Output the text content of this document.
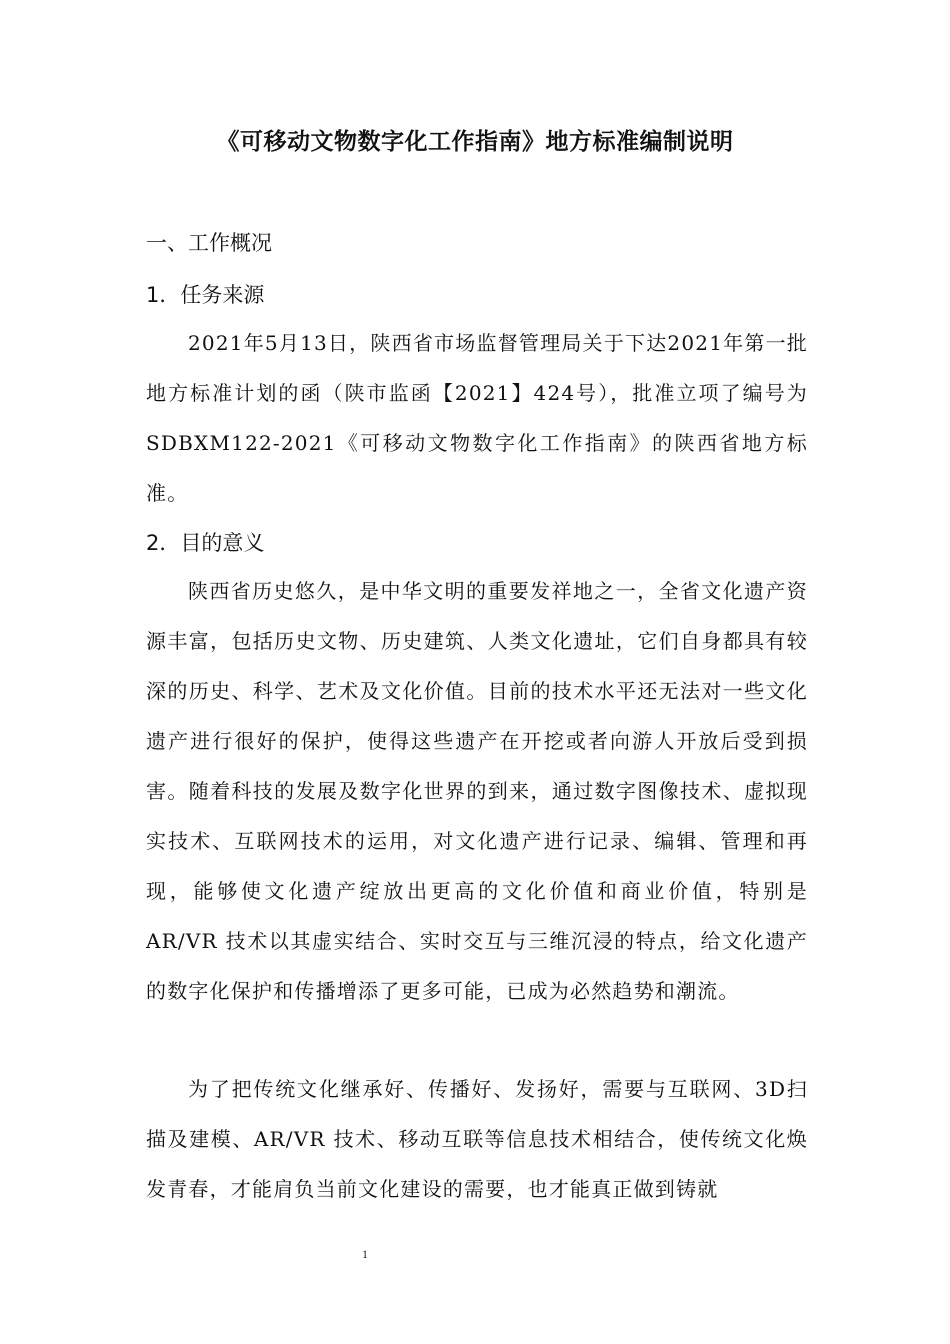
《可移动文物数字化工作指南》地方标准编制说明
一、工作概况
1．任务来源

2021年5月13日，陕西省市场监督管理局关于下达2021年第一批地方标准计划的函（陕市监函【2021】424号），批准立项了编号为SDBXM122-2021《可移动文物数字化工作指南》的陕西省地方标准。

2．目的意义

陕西省历史悠久，是中华文明的重要发祥地之一，全省文化遗产资源丰富，包括历史文物、历史建筑、人类文化遗址，它们自身都具有较深的历史、科学、艺术及文化价值。目前的技术水平还无法对一些文化遗产进行很好的保护，使得这些遗产在开挖或者向游人开放后受到损害。随着科技的发展及数字化世界的到来，通过数字图像技术、虚拟现实技术、互联网技术的运用，对文化遗产进行记录、编辑、管理和再现，能够使文化遗产绽放出更高的文化价值和商业价值，特别是 AR/VR 技术以其虚实结合、实时交互与三维沉浸的特点，给文化遗产的数字化保护和传播增添了更多可能，已成为必然趋势和潮流。

为了把传统文化继承好、传播好、发扬好，需要与互联网、3D扫描及建模、AR/VR 技术、移动互联等信息技术相结合，使传统文化焕发青春，才能肩负当前文化建设的需要，也才能真正做到铸就

1
